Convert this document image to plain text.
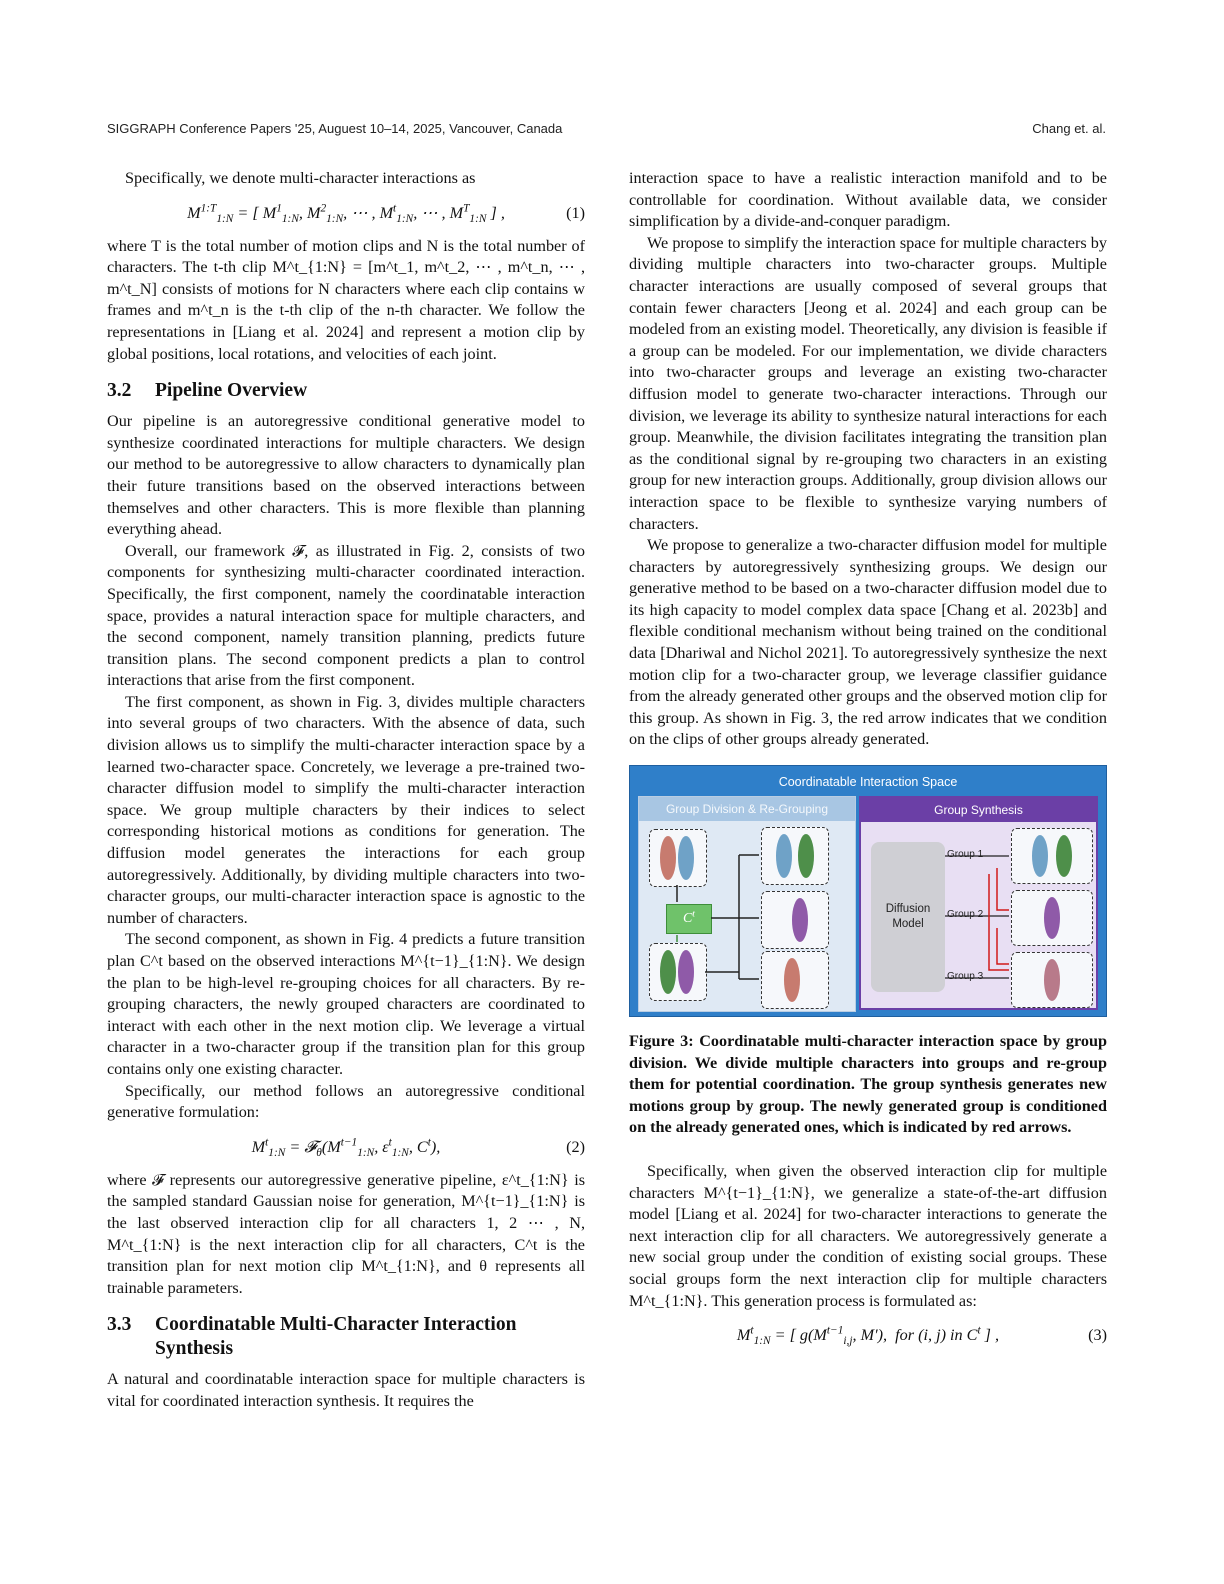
SIGGRAPH Conference Papers '25, Auguest 10–14, 2025, Vancouver, Canada	Chang et. al.

Specifically, we denote multi-character interactions as

$M^{1:T}_{1:N}$ = [ $M^1_{1:N}$, $M^2_{1:N}$, ⋯ , $M^t_{1:N}$, ⋯ , $M^T_{1:N}$ ] ,	(1)

where T is the total number of motion clips and N is the total number of characters. The t-th clip M^t_{1:N} = [m^t_1, m^t_2, ⋯ , m^t_n, ⋯ , m^t_N] consists of motions for N characters where each clip contains w frames and m^t_n is the t-th clip of the n-th character. We follow the representations in [Liang et al. 2024] and represent a motion clip by global positions, local rotations, and velocities of each joint.

3.2	Pipeline Overview

Our pipeline is an autoregressive conditional generative model to synthesize coordinated interactions for multiple characters. We design our method to be autoregressive to allow characters to dynamically plan their future transitions based on the observed interactions between themselves and other characters. This is more flexible than planning everything ahead.

Overall, our framework 𝓕, as illustrated in Fig. 2, consists of two components for synthesizing multi-character coordinated interaction. Specifically, the first component, namely the coordinatable interaction space, provides a natural interaction space for multiple characters, and the second component, namely transition planning, predicts future transition plans. The second component predicts a plan to control interactions that arise from the first component.

The first component, as shown in Fig. 3, divides multiple characters into several groups of two characters. With the absence of data, such division allows us to simplify the multi-character interaction space by a learned two-character space. Concretely, we leverage a pre-trained two-character diffusion model to simplify the multi-character interaction space. We group multiple characters by their indices to select corresponding historical motions as conditions for generation. The diffusion model generates the interactions for each group autoregressively. Additionally, by dividing multiple characters into two-character groups, our multi-character interaction space is agnostic to the number of characters.

The second component, as shown in Fig. 4 predicts a future transition plan C^t based on the observed interactions M^{t−1}_{1:N}. We design the plan to be high-level re-grouping choices for all characters. By re-grouping characters, the newly grouped characters are coordinated to interact with each other in the next motion clip. We leverage a virtual character in a two-character group if the transition plan for this group contains only one existing character.

Specifically, our method follows an autoregressive conditional generative formulation:

$M^t_{1:N}$ = $𝓕_\theta(M^{t-1}_{1:N}$, $\varepsilon^t_{1:N}$, $C^t$),	(2)

where 𝓕 represents our autoregressive generative pipeline, ε^t_{1:N} is the sampled standard Gaussian noise for generation, M^{t−1}_{1:N} is the last observed interaction clip for all characters 1, 2 ⋯ , N, M^t_{1:N} is the next interaction clip for all characters, C^t is the transition plan for next motion clip M^t_{1:N}, and θ represents all trainable parameters.

3.3	Coordinatable Multi-Character Interaction Synthesis

A natural and coordinatable interaction space for multiple characters is vital for coordinated interaction synthesis. It requires the

interaction space to have a realistic interaction manifold and to be controllable for coordination. Without available data, we consider simplification by a divide-and-conquer paradigm.

We propose to simplify the interaction space for multiple characters by dividing multiple characters into two-character groups. Multiple character interactions are usually composed of several groups that contain fewer characters [Jeong et al. 2024] and each group can be modeled from an existing model. Theoretically, any division is feasible if a group can be modeled. For our implementation, we divide characters into two-character groups and leverage an existing two-character diffusion model to generate two-character interactions. Through our division, we leverage its ability to synthesize natural interactions for each group. Meanwhile, the division facilitates integrating the transition plan as the conditional signal by re-grouping two characters in an existing group for new interaction groups. Additionally, group division allows our interaction space to be flexible to synthesize varying numbers of characters.

We propose to generalize a two-character diffusion model for multiple characters by autoregressively synthesizing groups. We design our generative method to be based on a two-character diffusion model due to its high capacity to model complex data space [Chang et al. 2023b] and flexible conditional mechanism without being trained on the conditional data [Dhariwal and Nichol 2021]. To autoregressively synthesize the next motion clip for a two-character group, we leverage classifier guidance from the already generated other groups and the observed motion clip for this group. As shown in Fig. 3, the red arrow indicates that we condition on the clips of other groups already generated.

Coordinatable Interaction Space
Group Division & Re-Grouping
$C^t$
Group Synthesis
Diffusion Model
Group 1
Group 2
Group 3

Figure 3: Coordinatable multi-character interaction space by group division. We divide multiple characters into groups and re-group them for potential coordination. The group synthesis generates new motions group by group. The newly generated group is conditioned on the already generated ones, which is indicated by red arrows.

Specifically, when given the observed interaction clip for multiple characters M^{t−1}_{1:N}, we generalize a state-of-the-art diffusion model [Liang et al. 2024] for two-character interactions to generate the next interaction clip for all characters. We autoregressively generate a new social group under the condition of existing social groups. These social groups form the next interaction clip for multiple characters M^t_{1:N}. This generation process is formulated as:

$M^t_{1:N}$ = [ $g(M^{t-1}_{i,j}$, M′),  for (i, j) in $C^t$ ] ,	(3)
